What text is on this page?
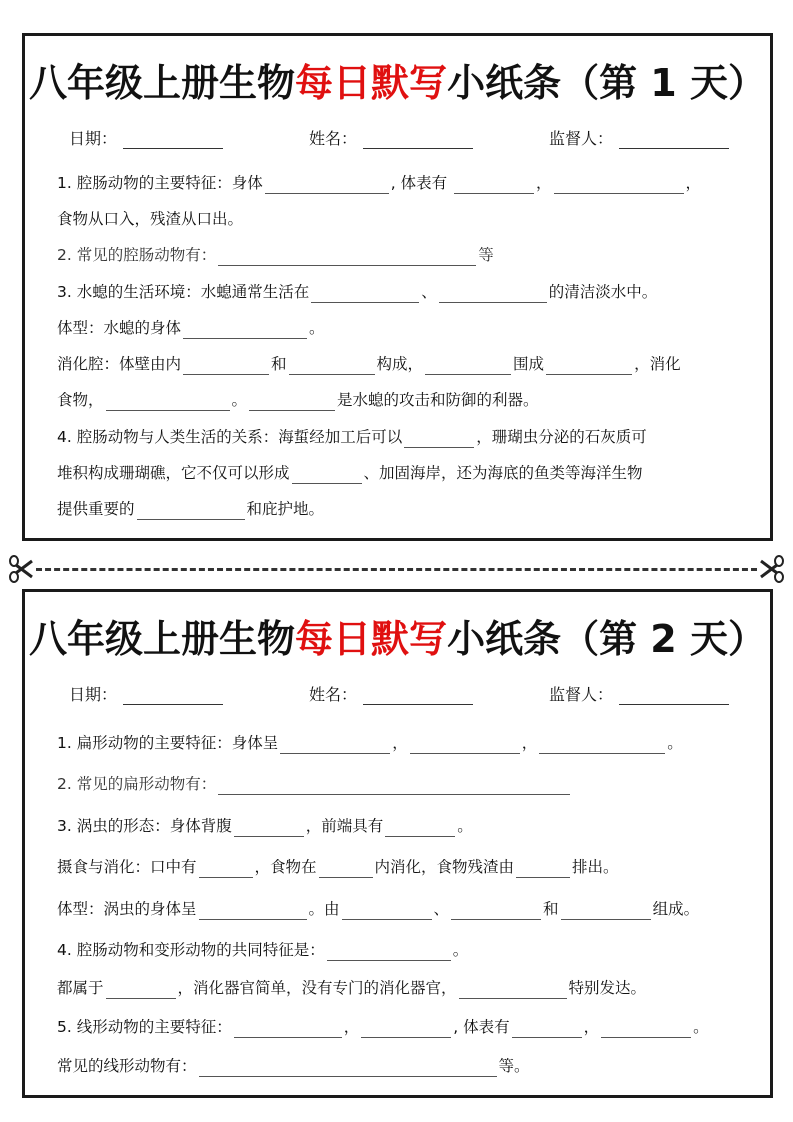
八年级上册生物每日默写小纸条（第 1 天）
日期：	姓名：	监督人：
1. 腔肠动物的主要特征：身体	, 体表有	，	，
食物从口入，残渣从口出。
2. 常见的腔肠动物有：	等
3. 水螅的生活环境：水螅通常生活在	、	的清洁淡水中。
体型：水螅的身体	。
消化腔：体壁由内	和	构成，	围成	，消化
食物，	。	是水螅的攻击和防御的利器。
4. 腔肠动物与人类生活的关系：海蜇经加工后可以	，珊瑚虫分泌的石灰质可
堆积构成珊瑚礁，它不仅可以形成	、加固海岸，还为海底的鱼类等海洋生物
提供重要的	和庇护地。
八年级上册生物每日默写小纸条（第 2 天）
日期：	姓名：	监督人：
1. 扁形动物的主要特征：身体呈	，	，	。
2. 常见的扁形动物有：
3. 涡虫的形态：身体背腹	，前端具有	。
摄食与消化：口中有	，食物在	内消化，食物残渣由	排出。
体型：涡虫的身体呈	。由	、	和	组成。
4. 腔肠动物和变形动物的共同特征是：	。
都属于	，消化器官简单，没有专门的消化器官，	特别发达。
5. 线形动物的主要特征：	，	, 体表有	，	。
常见的线形动物有：	等。
